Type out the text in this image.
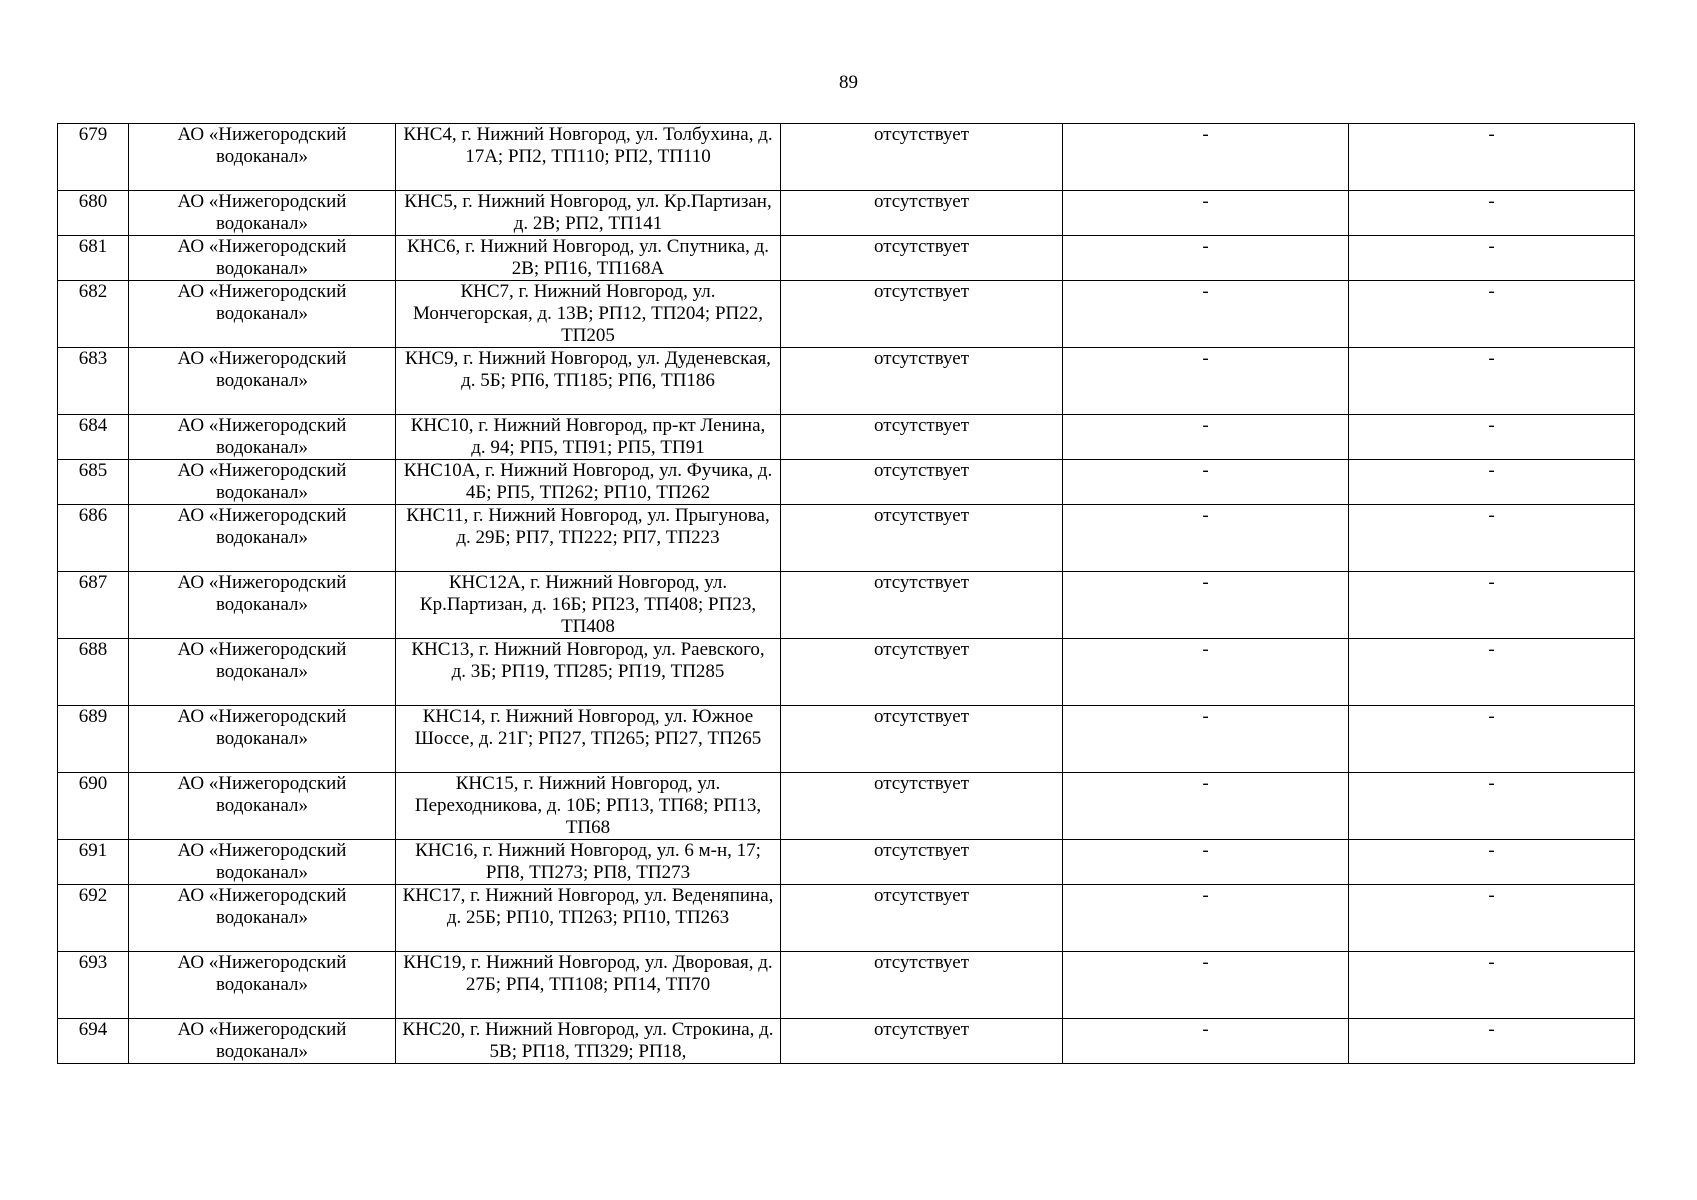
89
679	АО «Нижегородский водоканал»	КНС4, г. Нижний Новгород, ул. Толбухина, д. 17А; РП2, ТП110; РП2, ТП110	отсутствует	-	-
680	АО «Нижегородский водоканал»	КНС5, г. Нижний Новгород, ул. Кр.Партизан, д. 2В; РП2, ТП141	отсутствует	-	-
681	АО «Нижегородский водоканал»	КНС6, г. Нижний Новгород, ул. Спутника, д. 2В; РП16, ТП168А	отсутствует	-	-
682	АО «Нижегородский водоканал»	КНС7, г. Нижний Новгород, ул. Мончегорская, д. 13В; РП12, ТП204; РП22, ТП205	отсутствует	-	-
683	АО «Нижегородский водоканал»	КНС9, г. Нижний Новгород, ул. Дуденевская, д. 5Б; РП6, ТП185; РП6, ТП186	отсутствует	-	-
684	АО «Нижегородский водоканал»	КНС10, г. Нижний Новгород, пр-кт Ленина, д. 94; РП5, ТП91; РП5, ТП91	отсутствует	-	-
685	АО «Нижегородский водоканал»	КНС10А, г. Нижний Новгород, ул. Фучика, д. 4Б; РП5, ТП262; РП10, ТП262	отсутствует	-	-
686	АО «Нижегородский водоканал»	КНС11, г. Нижний Новгород, ул. Прыгунова, д. 29Б; РП7, ТП222; РП7, ТП223	отсутствует	-	-
687	АО «Нижегородский водоканал»	КНС12А, г. Нижний Новгород, ул. Кр.Партизан, д. 16Б; РП23, ТП408; РП23, ТП408	отсутствует	-	-
688	АО «Нижегородский водоканал»	КНС13, г. Нижний Новгород, ул. Раевского, д. 3Б; РП19, ТП285; РП19, ТП285	отсутствует	-	-
689	АО «Нижегородский водоканал»	КНС14, г. Нижний Новгород, ул. Южное Шоссе, д. 21Г; РП27, ТП265; РП27, ТП265	отсутствует	-	-
690	АО «Нижегородский водоканал»	КНС15, г. Нижний Новгород, ул. Переходникова, д. 10Б; РП13, ТП68; РП13, ТП68	отсутствует	-	-
691	АО «Нижегородский водоканал»	КНС16, г. Нижний Новгород, ул. 6 м-н, 17; РП8, ТП273; РП8, ТП273	отсутствует	-	-
692	АО «Нижегородский водоканал»	КНС17, г. Нижний Новгород, ул. Веденяпина, д. 25Б; РП10, ТП263; РП10, ТП263	отсутствует	-	-
693	АО «Нижегородский водоканал»	КНС19, г. Нижний Новгород, ул. Дворовая, д. 27Б; РП4, ТП108; РП14, ТП70	отсутствует	-	-
694	АО «Нижегородский водоканал»	КНС20, г. Нижний Новгород, ул. Строкина, д. 5В; РП18, ТП329; РП18,	отсутствует	-	-
